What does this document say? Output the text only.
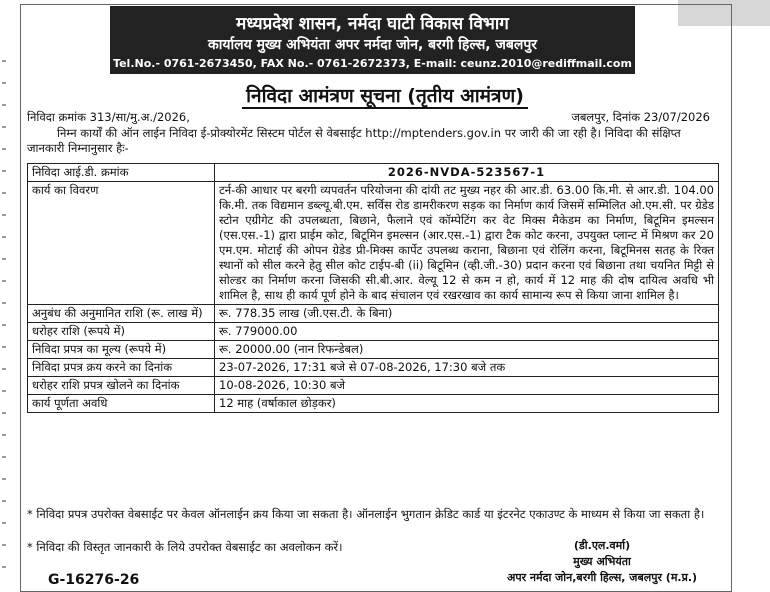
मध्यप्रदेश शासन, नर्मदा घाटी विकास विभाग
कार्यालय मुख्य अभियंता अपर नर्मदा जोन, बरगी हिल्स, जबलपुर
Tel.No.- 0761-2673450, FAX No.- 0761-2672373, E-mail: ceunz.2010@rediffmail.com
निविदा आमंत्रण सूचना (तृतीय आमंत्रण)
निविदा क्रमांक 313/सा/मु.अ./2026,	जबलपुर, दिनांक 23/07/2026
निम्न कार्यों की ऑन लाईन निविदा ई-प्रोक्योरमेंट सिस्टम पोर्टल से वेबसाईट http://mptenders.gov.in पर जारी की जा रही है। निविदा की संक्षिप्त जानकारी निम्नानुसार हैः-
निविदा आई.डी. क्रमांक	2026-NVDA-523567-1
कार्य का विवरण	टर्न-की आधार पर बरगी व्यपवर्तन परियोजना की दांयी तट मुख्य नहर की आर.डी. 63.00 कि.मी. से आर.डी. 104.00 कि.मी. तक विद्यमान डब्ल्यू.बी.एम. सर्विस रोड डामरीकरण सड़क का निर्माण कार्य जिसमें सम्मिलित ओ.एम.सी. पर ग्रेडेड स्टोन एग्रीगेट की उपलब्धता, बिछाने, फैलाने एवं कॉम्पेटिंग कर वेट मिक्स मैकेडम का निर्माण, बिटूमिन इमल्सन (एस.एस.-1) द्वारा प्राईम कोट, बिटूमिन इमल्सन (आर.एस.-1) द्वारा टैक कोट करना, उपयुक्त प्लान्ट में मिश्रण कर 20 एम.एम. मोटाई की ओपन ग्रेडेड प्री-मिक्स कार्पेट उपलब्ध कराना, बिछाना एवं रोलिंग करना, बिटूमिनस सतह के रिक्त स्थानों को सील करने हेतु सील कोट टाईप-बी (ii) बिटूमिन (व्ही.जी.-30) प्रदान करना एवं बिछाना तथा चयनित मिट्टी से सोल्डर का निर्माण करना जिसकी सी.बी.आर. वेल्यू 12 से कम न हो, कार्य में 12 माह की दोष दायित्व अवधि भी शामिल है, साथ ही कार्य पूर्ण होने के बाद संचालन एवं रखरखाव का कार्य सामान्य रूप से किया जाना शामिल है।
अनुबंध की अनुमानित राशि (रू. लाख में)	रू. 778.35 लाख (जी.एस.टी. के बिना)
धरोहर राशि (रूपये में)	रू. 779000.00
निविदा प्रपत्र का मूल्य (रूपये में)	रू. 20000.00 (नान रिफन्डेबल)
निविदा प्रपत्र क्रय करने का दिनांक	23-07-2026, 17:31 बजे से 07-08-2026, 17:30 बजे तक
धरोहर राशि प्रपत्र खोलने का दिनांक	10-08-2026, 10:30 बजे
कार्य पूर्णता अवधि	12 माह (वर्षाकाल छोड़कर)
* निविदा प्रपत्र उपरोक्त वेबसाईट पर केवल ऑनलाईन क्रय किया जा सकता है। ऑनलाईन भुगतान क्रेडिट कार्ड या इंटरनेट एकाउण्ट के माध्यम से किया जा सकता है।
* निविदा की विस्तृत जानकारी के लिये उपरोक्त वेबसाईट का अवलोकन करें।	(डी.एल.वर्मा)
मुख्य अभियंता
अपर नर्मदा जोन,बरगी हिल्स, जबलपुर (म.प्र.)
G-16276-26
